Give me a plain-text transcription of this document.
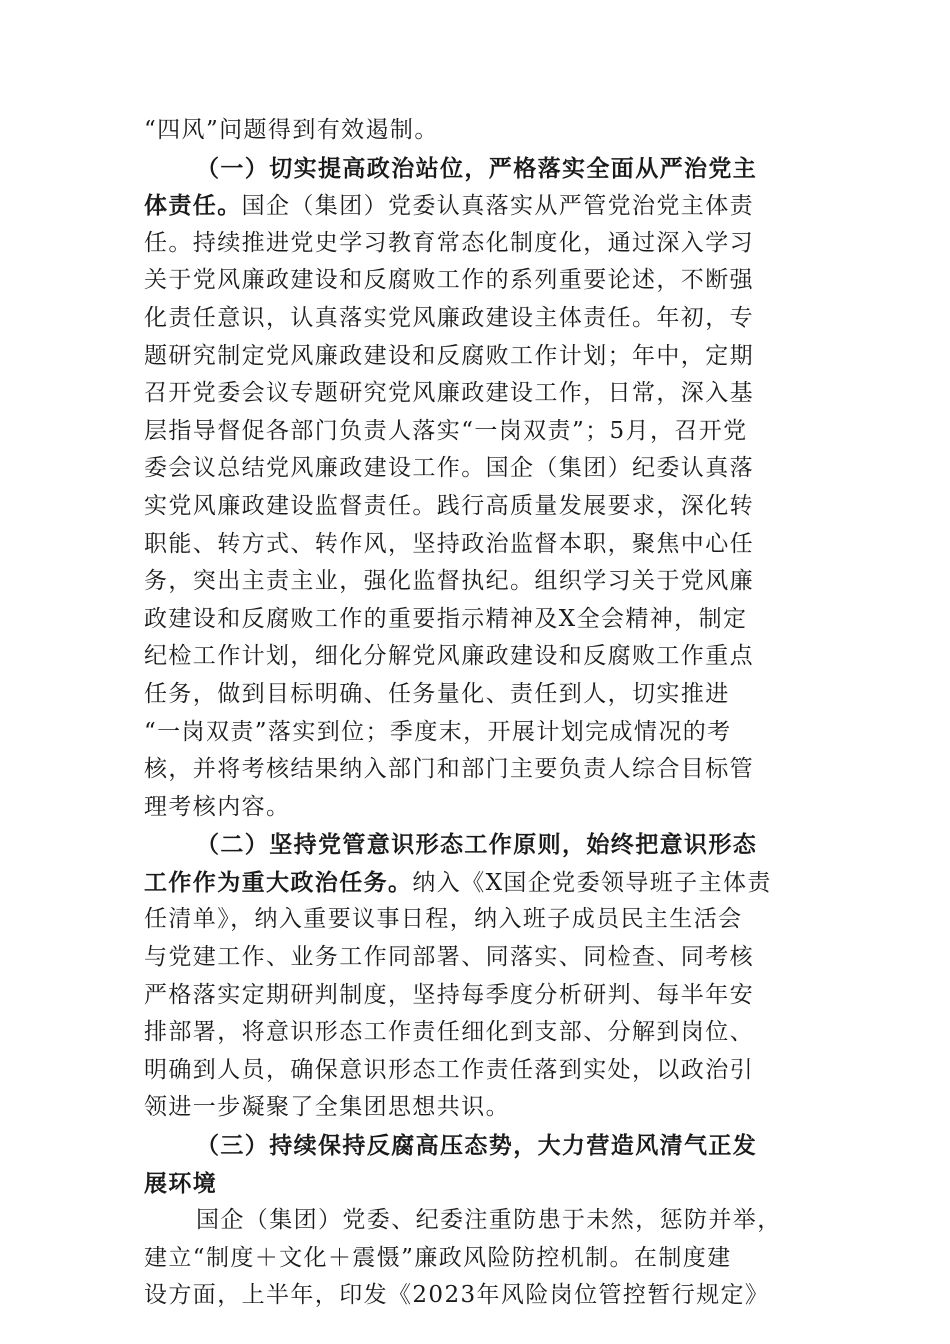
“四风”问题得到有效遏制。
（一）切实提高政治站位，严格落实全面从严治党主
体责任。国企（集团）党委认真落实从严管党治党主体责
任。持续推进党史学习教育常态化制度化，通过深入学习
关于党风廉政建设和反腐败工作的系列重要论述，不断强
化责任意识，认真落实党风廉政建设主体责任。年初，专
题研究制定党风廉政建设和反腐败工作计划；年中，定期
召开党委会议专题研究党风廉政建设工作，日常，深入基
层指导督促各部门负责人落实“一岗双责”；5月，召开党
委会议总结党风廉政建设工作。国企（集团）纪委认真落
实党风廉政建设监督责任。践行高质量发展要求，深化转
职能、转方式、转作风，坚持政治监督本职，聚焦中心任
务，突出主责主业，强化监督执纪。组织学习关于党风廉
政建设和反腐败工作的重要指示精神及X全会精神，制定
纪检工作计划，细化分解党风廉政建设和反腐败工作重点
任务，做到目标明确、任务量化、责任到人，切实推进
“一岗双责”落实到位；季度末，开展计划完成情况的考
核，并将考核结果纳入部门和部门主要负责人综合目标管
理考核内容。
（二）坚持党管意识形态工作原则，始终把意识形态
工作作为重大政治任务。纳入《X国企党委领导班子主体责
任清单》，纳入重要议事日程，纳入班子成员民主生活会
与党建工作、业务工作同部署、同落实、同检查、同考核
严格落实定期研判制度，坚持每季度分析研判、每半年安
排部署，将意识形态工作责任细化到支部、分解到岗位、
明确到人员，确保意识形态工作责任落到实处，以政治引
领进一步凝聚了全集团思想共识。
（三）持续保持反腐高压态势，大力营造风清气正发
展环境
国企（集团）党委、纪委注重防患于未然，惩防并举，
建立“制度＋文化＋震慑”廉政风险防控机制。在制度建
设方面，上半年，印发《2023年风险岗位管控暂行规定》
